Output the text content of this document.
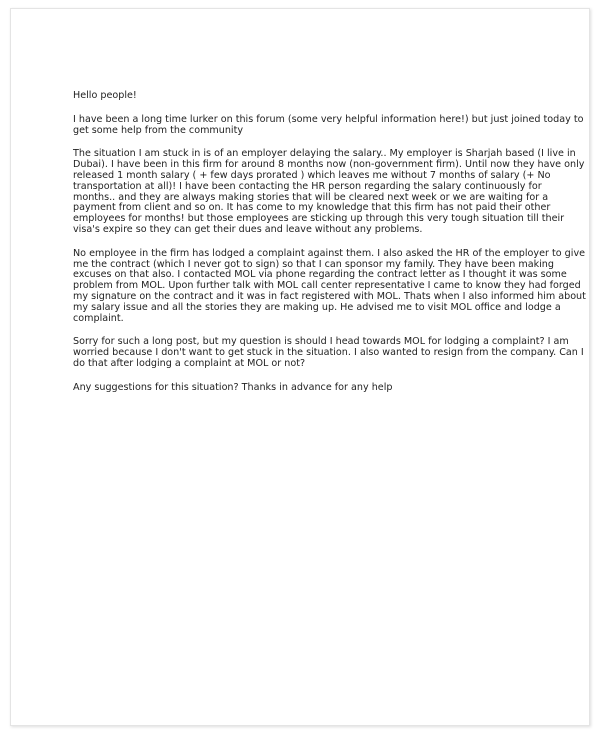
Hello people!

I have been a long time lurker on this forum (some very helpful information here!) but just joined today to
get some help from the community

The situation I am stuck in is of an employer delaying the salary.. My employer is Sharjah based (I live in
Dubai). I have been in this firm for around 8 months now (non-government firm). Until now they have only
released 1 month salary ( + few days prorated ) which leaves me without 7 months of salary (+ No
transportation at all)! I have been contacting the HR person regarding the salary continuously for
months.. and they are always making stories that will be cleared next week or we are waiting for a
payment from client and so on. It has come to my knowledge that this firm has not paid their other
employees for months! but those employees are sticking up through this very tough situation till their
visa's expire so they can get their dues and leave without any problems.

No employee in the firm has lodged a complaint against them. I also asked the HR of the employer to give
me the contract (which I never got to sign) so that I can sponsor my family. They have been making
excuses on that also. I contacted MOL via phone regarding the contract letter as I thought it was some
problem from MOL. Upon further talk with MOL call center representative I came to know they had forged
my signature on the contract and it was in fact registered with MOL. Thats when I also informed him about
my salary issue and all the stories they are making up. He advised me to visit MOL office and lodge a
complaint.

Sorry for such a long post, but my question is should I head towards MOL for lodging a complaint? I am
worried because I don't want to get stuck in the situation. I also wanted to resign from the company. Can I
do that after lodging a complaint at MOL or not?

Any suggestions for this situation? Thanks in advance for any help
